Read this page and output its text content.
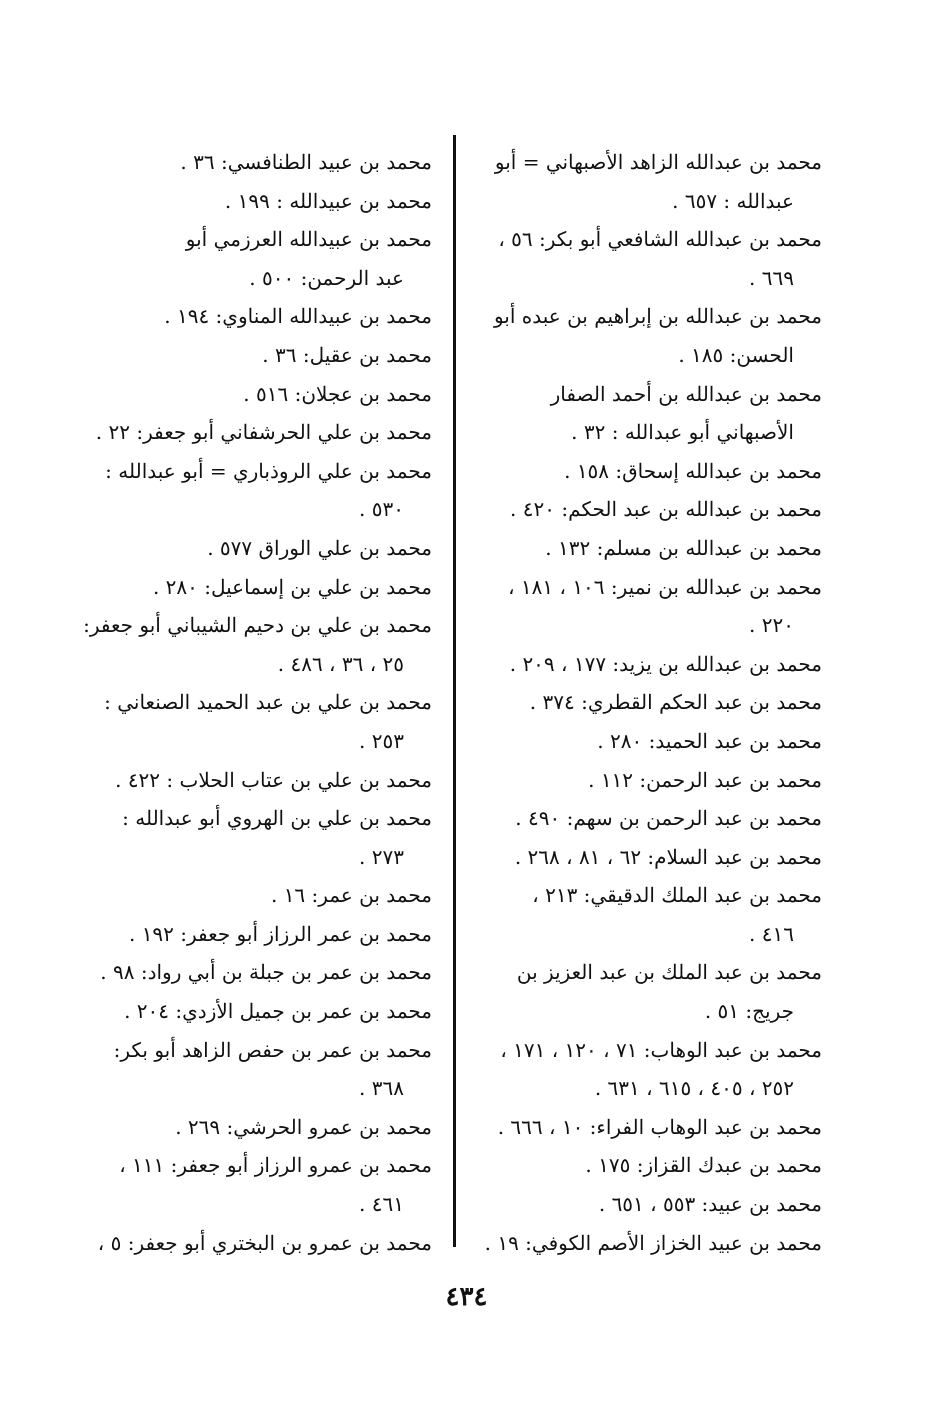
محمد بن عبدالله الزاهد الأصبهاني = أبو
عبدالله : ٦٥٧ .
محمد بن عبدالله الشافعي أبو بكر: ٥٦ ،
٦٦٩ .
محمد بن عبدالله بن إبراهيم بن عبده أبو
الحسن: ١٨٥ .
محمد بن عبدالله بن أحمد الصفار
الأصبهاني أبو عبدالله : ٣٢ .
محمد بن عبدالله إسحاق: ١٥٨ .
محمد بن عبدالله بن عبد الحكم: ٤٢٠ .
محمد بن عبدالله بن مسلم: ١٣٢ .
محمد بن عبدالله بن نمير: ١٠٦ ، ١٨١ ،
٢٢٠ .
محمد بن عبدالله بن يزيد: ١٧٧ ، ٢٠٩ .
محمد بن عبد الحكم القطري: ٣٧٤ .
محمد بن عبد الحميد: ٢٨٠ .
محمد بن عبد الرحمن: ١١٢ .
محمد بن عبد الرحمن بن سهم: ٤٩٠ .
محمد بن عبد السلام: ٦٢ ، ٨١ ، ٢٦٨ .
محمد بن عبد الملك الدقيقي: ٢١٣ ،
٤١٦ .
محمد بن عبد الملك بن عبد العزيز بن
جريج: ٥١ .
محمد بن عبد الوهاب: ٧١ ، ١٢٠ ، ١٧١ ،
٢٥٢ ، ٤٠٥ ، ٦١٥ ، ٦٣١ .
محمد بن عبد الوهاب الفراء: ١٠ ، ٦٦٦ .
محمد بن عبدك القزاز: ١٧٥ .
محمد بن عبيد: ٥٥٣ ، ٦٥١ .
محمد بن عبيد الخزاز الأصم الكوفي: ١٩ .
محمد بن عبيد الطنافسي: ٣٦ .
محمد بن عبيدالله : ١٩٩ .
محمد بن عبيدالله العرزمي أبو
عبد الرحمن: ٥٠٠ .
محمد بن عبيدالله المناوي: ١٩٤ .
محمد بن عقيل: ٣٦ .
محمد بن عجلان: ٥١٦ .
محمد بن علي الحرشفاني أبو جعفر: ٢٢ .
محمد بن علي الروذباري = أبو عبدالله :
٥٣٠ .
محمد بن علي الوراق ٥٧٧ .
محمد بن علي بن إسماعيل: ٢٨٠ .
محمد بن علي بن دحيم الشيباني أبو جعفر:
٢٥ ، ٣٦ ، ٤٨٦ .
محمد بن علي بن عبد الحميد الصنعاني :
٢٥٣ .
محمد بن علي بن عتاب الحلاب : ٤٢٢ .
محمد بن علي بن الهروي أبو عبدالله :
٢٧٣ .
محمد بن عمر: ١٦ .
محمد بن عمر الرزاز أبو جعفر: ١٩٢ .
محمد بن عمر بن جبلة بن أبي رواد: ٩٨ .
محمد بن عمر بن جميل الأزدي: ٢٠٤ .
محمد بن عمر بن حفص الزاهد أبو بكر:
٣٦٨ .
محمد بن عمرو الحرشي: ٢٦٩ .
محمد بن عمرو الرزاز أبو جعفر: ١١١ ،
٤٦١ .
محمد بن عمرو بن البختري أبو جعفر: ٥ ،
٤٣٤
